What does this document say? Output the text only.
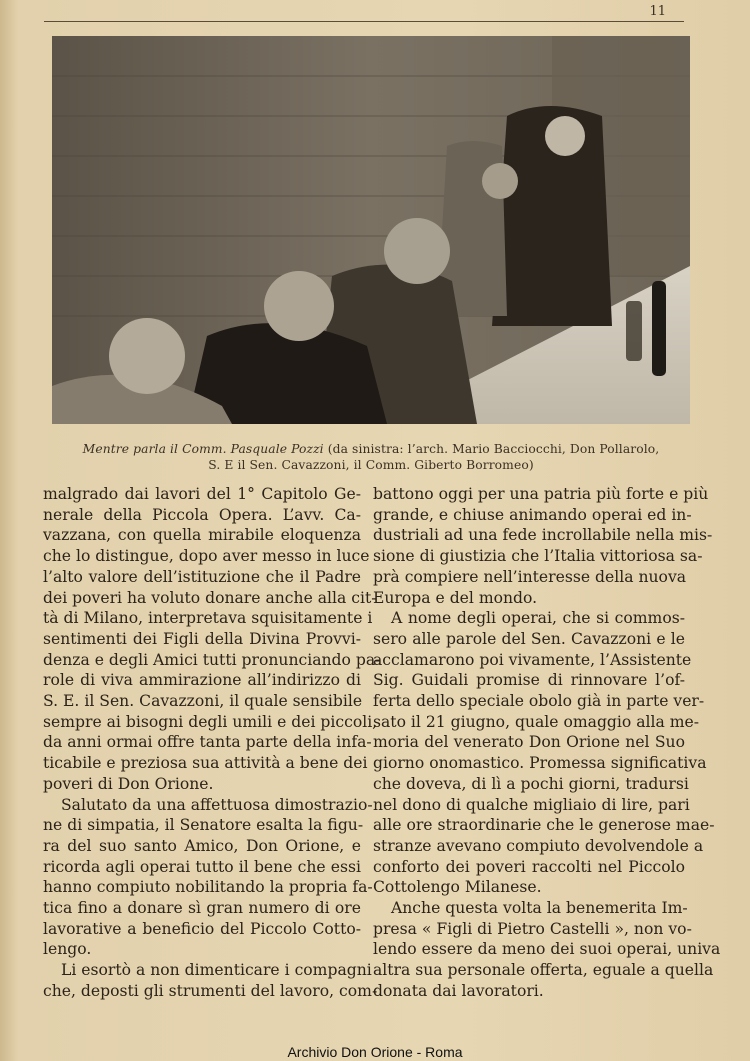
11
Mentre parla il Comm. Pasquale Pozzi (da sinistra: l’arch. Mario Bacciocchi, Don Pollarolo,
S. E il Sen. Cavazzoni, il Comm. Giberto Borromeo)

malgrado dai lavori del 1° Capitolo Ge-
nerale della Piccola Opera. L’avv. Ca-
vazzana, con quella mirabile eloquenza
che lo distingue, dopo aver messo in luce
l’alto valore dell’istituzione che il Padre
dei poveri ha voluto donare anche alla cit-
tà di Milano, interpretava squisitamente i
sentimenti dei Figli della Divina Provvi-
denza e degli Amici tutti pronunciando pa-
role di viva ammirazione all’indirizzo di
S. E. il Sen. Cavazzoni, il quale sensibile
sempre ai bisogni degli umili e dei piccoli,
da anni ormai offre tanta parte della infa-
ticabile e preziosa sua attività a bene dei
poveri di Don Orione.

Salutato da una affettuosa dimostrazio-
ne di simpatia, il Senatore esalta la figu-
ra del suo santo Amico, Don Orione, e
ricorda agli operai tutto il bene che essi
hanno compiuto nobilitando la propria fa-
tica fino a donare sì gran numero di ore
lavorative a beneficio del Piccolo Cotto-
lengo.

Li esortò a non dimenticare i compagni
che, deposti gli strumenti del lavoro, com-

battono oggi per una patria più forte e più
grande, e chiuse animando operai ed in-
dustriali ad una fede incrollabile nella mis-
sione di giustizia che l’Italia vittoriosa sa-
prà compiere nell’interesse della nuova
Europa e del mondo.

A nome degli operai, che si commos-
sero alle parole del Sen. Cavazzoni e le
acclamarono poi vivamente, l’Assistente
Sig. Guidali promise di rinnovare l’of-
ferta dello speciale obolo già in parte ver-
sato il 21 giugno, quale omaggio alla me-
moria del venerato Don Orione nel Suo
giorno onomastico. Promessa significativa
che doveva, di lì a pochi giorni, tradursi
nel dono di qualche migliaio di lire, pari
alle ore straordinarie che le generose mae-
stranze avevano compiuto devolvendole a
conforto dei poveri raccolti nel Piccolo
Cottolengo Milanese.

Anche questa volta la benemerita Im-
presa « Figli di Pietro Castelli », non vo-
lendo essere da meno dei suoi operai, univa
altra sua personale offerta, eguale a quella
donata dai lavoratori.

Archivio Don Orione - Roma
